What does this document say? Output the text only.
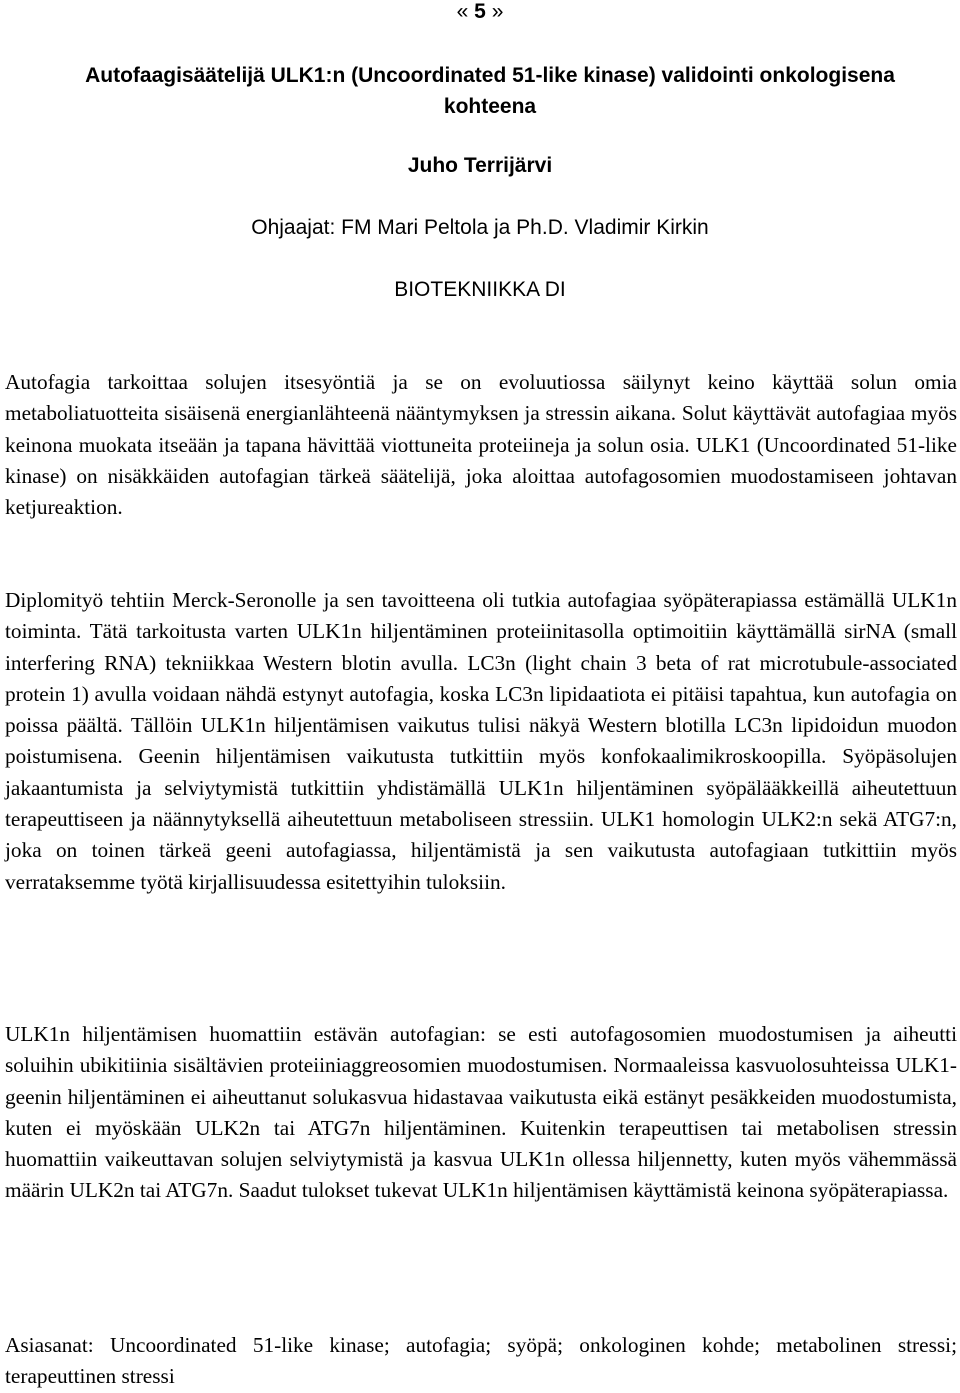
« 5 »
Autofaagisäätelijä ULK1:n (Uncoordinated 51-like kinase) validointi onkologisena kohteena

Juho Terrijärvi

Ohjaajat: FM Mari Peltola ja Ph.D. Vladimir Kirkin

BIOTEKNIIKKA DI

Autofagia tarkoittaa solujen itsesyöntiä ja se on evoluutiossa säilynyt keino käyttää solun omia metaboliatuotteita sisäisenä energianlähteenä nääntymyksen ja stressin aikana. Solut käyttävät autofagiaa myös keinona muokata itseään ja tapana hävittää viottuneita proteiineja ja solun osia. ULK1 (Uncoordinated 51-like kinase) on nisäkkäiden autofagian tärkeä säätelijä, joka aloittaa autofagosomien muodostamiseen johtavan ketjureaktion.

Diplomityö tehtiin Merck-Seronolle ja sen tavoitteena oli tutkia autofagiaa syöpäterapiassa estämällä ULK1n toiminta. Tätä tarkoitusta varten ULK1n hiljentäminen proteiinitasolla optimoitiin käyttämällä sirNA (small interfering RNA) tekniikkaa Western blotin avulla. LC3n (light chain 3 beta of rat microtubule-associated protein 1) avulla voidaan nähdä estynyt autofagia, koska LC3n lipidaatiota ei pitäisi tapahtua, kun autofagia on poissa päältä. Tällöin ULK1n hiljentämisen vaikutus tulisi näkyä Western blotilla LC3n lipidoidun muodon poistumisena. Geenin hiljentämisen vaikutusta tutkittiin myös konfokaalimikroskoopilla. Syöpäsolujen jakaantumista ja selviytymistä tutkittiin yhdistämällä ULK1n hiljentäminen syöpälääkkeillä aiheutettuun terapeuttiseen ja näännytyksellä aiheutettuun metaboliseen stressiin. ULK1 homologin ULK2:n sekä ATG7:n, joka on toinen tärkeä geeni autofagiassa, hiljentämistä ja sen vaikutusta autofagiaan tutkittiin myös verrataksemme työtä kirjallisuudessa esitettyihin tuloksiin.

ULK1n hiljentämisen huomattiin estävän autofagian: se esti autofagosomien muodostumisen ja aiheutti soluihin ubikitiinia sisältävien proteiiniaggreosomien muodostumisen. Normaaleissa kasvuolosuhteissa ULK1-geenin hiljentäminen ei aiheuttanut solukasvua hidastavaa vaikutusta eikä estänyt pesäkkeiden muodostumista, kuten ei myöskään ULK2n tai ATG7n hiljentäminen. Kuitenkin terapeuttisen tai metabolisen stressin huomattiin vaikeuttavan solujen selviytymistä ja kasvua ULK1n ollessa hiljennetty, kuten myös vähemmässä määrin ULK2n tai ATG7n. Saadut tulokset tukevat ULK1n hiljentämisen käyttämistä keinona syöpäterapiassa.

Asiasanat: Uncoordinated 51-like kinase; autofagia; syöpä; onkologinen kohde; metabolinen stressi; terapeuttinen stressi
